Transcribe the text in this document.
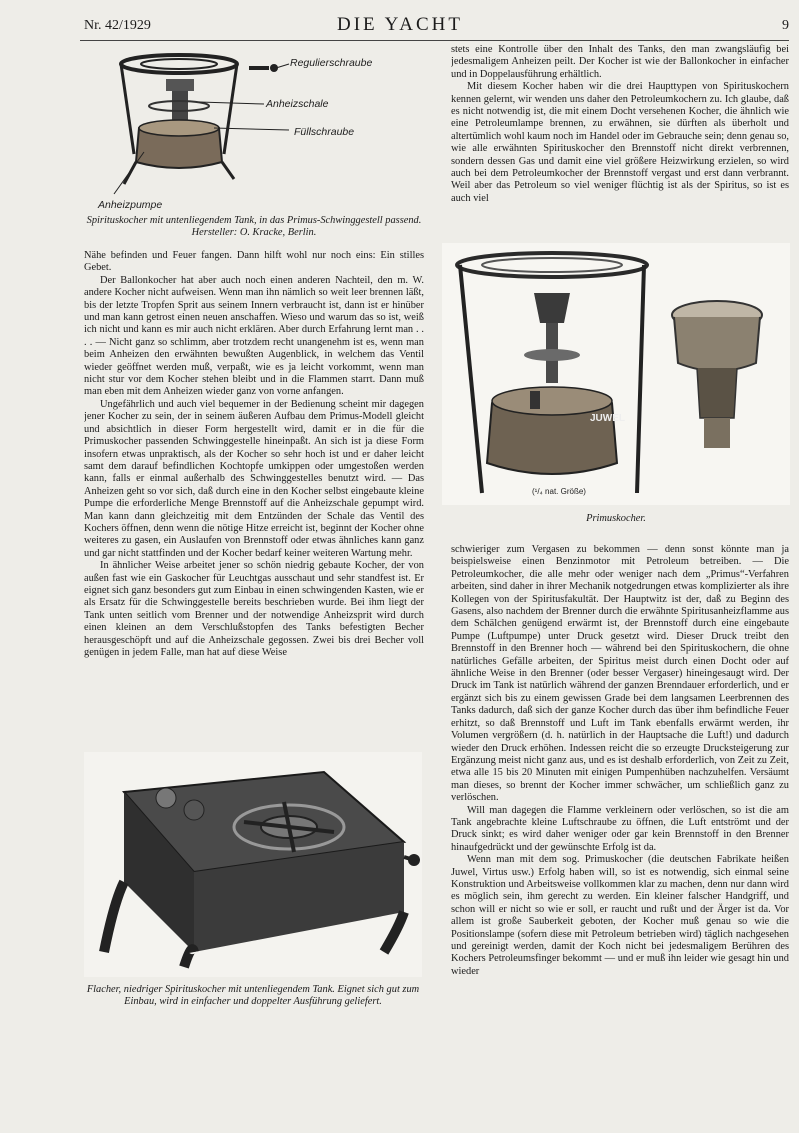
Nr. 42/1929	DIE YACHT	9
Regulierschraube
Anheizschale
Füllschraube
Anheizpumpe
Spirituskocher mit untenliegendem Tank, in das Primus-Schwinggestell passend. Hersteller: O. Kracke, Berlin.

Nähe befinden und Feuer fangen. Dann hilft wohl nur noch eins: Ein stilles Gebet.

Der Ballonkocher hat aber auch noch einen anderen Nachteil, den m. W. andere Kocher nicht aufweisen. Wenn man ihn nämlich so weit leer brennen läßt, bis der letzte Tropfen Sprit aus seinem Innern verbraucht ist, dann ist er hinüber und man kann getrost einen neuen anschaffen. Wieso und warum das so ist, weiß ich nicht und kann es mir auch nicht erklären. Aber durch Erfahrung lernt man . . . . — Nicht ganz so schlimm, aber trotzdem recht unangenehm ist es, wenn man beim Anheizen den erwähnten bewußten Augenblick, in welchem das Ventil wieder geöffnet werden muß, verpaßt, wie es ja leicht vorkommt, wenn man nicht stur vor dem Kocher stehen bleibt und in die Flammen starrt. Dann muß man eben mit dem Anheizen wieder ganz von vorne anfangen.

Ungefährlich und auch viel bequemer in der Bedienung scheint mir dagegen jener Kocher zu sein, der in seinem äußeren Aufbau dem Primus-Modell gleicht und absichtlich in dieser Form hergestellt wird, damit er in die für die Primuskocher passenden Schwinggestelle hineinpaßt. An sich ist ja diese Form insofern etwas unpraktisch, als der Kocher so sehr hoch ist und er daher leicht samt dem darauf befindlichen Kochtopfe umkippen oder umgestoßen werden kann, falls er einmal außerhalb des Schwinggestelles benutzt wird. — Das Anheizen geht so vor sich, daß durch eine in den Kocher selbst eingebaute kleine Pumpe die erforderliche Menge Brennstoff auf die Anheizschale gepumpt wird. Man kann dann gleichzeitig mit dem Entzünden der Schale das Ventil des Kochers öffnen, denn wenn die nötige Hitze erreicht ist, beginnt der Kocher ohne weiteres zu gasen, ein Auslaufen von Brennstoff oder etwas ähnliches kann ganz und gar nicht stattfinden und der Kocher bedarf keiner weiteren Wartung mehr.

In ähnlicher Weise arbeitet jener so schön niedrig gebaute Kocher, der von außen fast wie ein Gaskocher für Leuchtgas ausschaut und sehr standfest ist. Er eignet sich ganz besonders gut zum Einbau in einen schwingenden Kasten, wie er als Ersatz für die Schwinggestelle bereits beschrieben wurde. Bei ihm liegt der Tank unten seitlich vom Brenner und der notwendige Anheizsprit wird durch einen kleinen an dem Verschlußstopfen des Tanks befestigten Becher herausgeschöpft und auf die Anheizschale gegossen. Zwei bis drei Becher voll genügen in jedem Falle, man hat auf diese Weise

stets eine Kontrolle über den Inhalt des Tanks, den man zwangsläufig bei jedesmaligem Anheizen peilt. Der Kocher ist wie der Ballonkocher in einfacher und in Doppelausführung erhältlich.

Mit diesem Kocher haben wir die drei Haupttypen von Spirituskochern kennen gelernt, wir wenden uns daher den Petroleumkochern zu. Ich glaube, daß es nicht notwendig ist, die mit einem Docht versehenen Kocher, die ähnlich wie eine Petroleumlampe brennen, zu erwähnen, sie dürften als überholt und altertümlich wohl kaum noch im Handel oder im Gebrauche sein; denn genau so, wie alle erwähnten Spirituskocher den Brennstoff nicht direkt verbrennen, sondern dessen Gas und damit eine viel größere Heizwirkung erzielen, so wird auch bei dem Petroleumkocher der Brennstoff vergast und erst dann verbrannt. Weil aber das Petroleum so viel weniger flüchtig ist als der Spiritus, so ist es auch viel

JUWEL
(¹/₄ nat. Größe)
Primuskocher.

schwieriger zum Vergasen zu bekommen — denn sonst könnte man ja beispielsweise einen Benzinmotor mit Petroleum betreiben. — Die Petroleumkocher, die alle mehr oder weniger nach dem „Primus“-Verfahren arbeiten, sind daher in ihrer Mechanik notgedrungen etwas komplizierter als ihre Kollegen von der Spiritusfakultät. Der Hauptwitz ist der, daß zu Beginn des Gasens, also nachdem der Brenner durch die erwähnte Spiritusanheizflamme aus dem Schälchen genügend erwärmt ist, der Brennstoff durch eine eingebaute Pumpe (Luftpumpe) unter Druck gesetzt wird. Dieser Druck treibt den Brennstoff in den Brenner hoch — während bei den Spirituskochern, die ohne natürliches Gefälle arbeiten, der Spiritus meist durch einen Docht oder auf ähnliche Weise in den Brenner (oder besser Vergaser) hineingesaugt wird. Der Druck im Tank ist natürlich während der ganzen Brenndauer erforderlich, und er ergänzt sich bis zu einem gewissen Grade bei dem langsamen Leerbrennen des Tanks dadurch, daß sich der ganze Kocher durch das über ihm befindliche Feuer erhitzt, so daß Brennstoff und Luft im Tank ebenfalls erwärmt werden, ihr Volumen vergrößern (d. h. natürlich in der Hauptsache die Luft!) und dadurch wieder den Druck erhöhen. Indessen reicht die so erzeugte Drucksteigerung zur Ergänzung meist nicht ganz aus, und es ist deshalb erforderlich, von Zeit zu Zeit, etwa alle 15 bis 20 Minuten mit einigen Pumpenhüben nachzuhelfen. Versäumt man dieses, so brennt der Kocher immer schwächer, um schließlich ganz zu verlöschen.

Will man dagegen die Flamme verkleinern oder verlöschen, so ist die am Tank angebrachte kleine Luftschraube zu öffnen, die Luft entströmt und der Druck sinkt; es wird daher weniger oder gar kein Brennstoff in den Brenner hinaufgedrückt und der gewünschte Erfolg ist da.

Wenn man mit dem sog. Primuskocher (die deutschen Fabrikate heißen Juwel, Virtus usw.) Erfolg haben will, so ist es notwendig, sich einmal seine Konstruktion und Arbeitsweise vollkommen klar zu machen, denn nur dann wird es möglich sein, ihm gerecht zu werden. Ein kleiner falscher Handgriff, und schon will er nicht so wie er soll, er raucht und rußt und der Ärger ist da. Vor allem ist große Sauberkeit geboten, der Kocher muß genau so wie die Positionslampe (sofern diese mit Petroleum betrieben wird) täglich nachgesehen und gereinigt werden, damit der Koch nicht bei jedesmaligem Berühren des Kochers Petroleumsfinger bekommt — und er muß ihn leider wie gesagt hin und wieder

Flacher, niedriger Spirituskocher mit untenliegendem Tank. Eignet sich gut zum Einbau, wird in einfacher und doppelter Ausführung geliefert.
